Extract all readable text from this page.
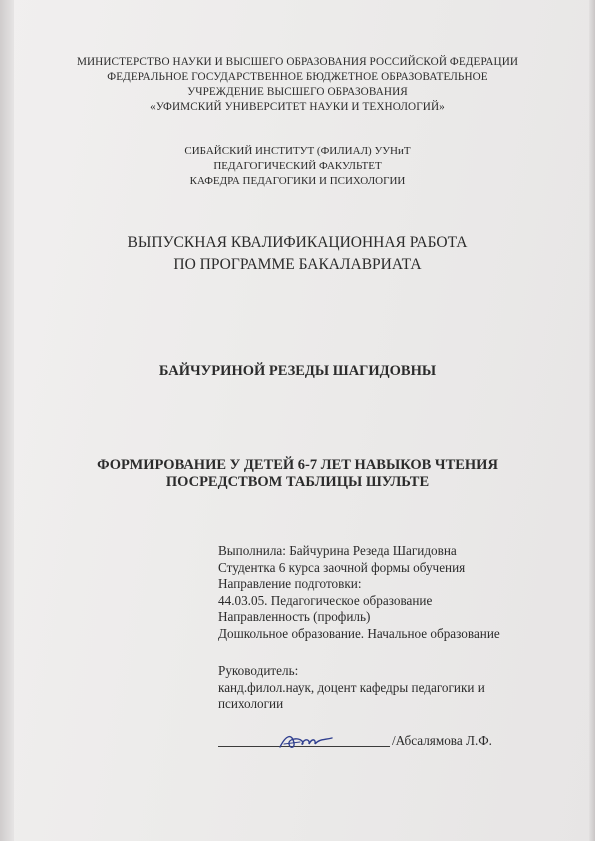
МИНИСТЕРСТВО НАУКИ И ВЫСШЕГО ОБРАЗОВАНИЯ РОССИЙСКОЙ ФЕДЕРАЦИИ
ФЕДЕРАЛЬНОЕ ГОСУДАРСТВЕННОЕ БЮДЖЕТНОЕ ОБРАЗОВАТЕЛЬНОЕ
УЧРЕЖДЕНИЕ ВЫСШЕГО ОБРАЗОВАНИЯ
«УФИМСКИЙ УНИВЕРСИТЕТ НАУКИ И ТЕХНОЛОГИЙ»
СИБАЙСКИЙ ИНСТИТУТ (ФИЛИАЛ) УУНиТ
ПЕДАГОГИЧЕСКИЙ ФАКУЛЬТЕТ
КАФЕДРА ПЕДАГОГИКИ И ПСИХОЛОГИИ
ВЫПУСКНАЯ КВАЛИФИКАЦИОННАЯ РАБОТА
ПО ПРОГРАММЕ БАКАЛАВРИАТА
БАЙЧУРИНОЙ РЕЗЕДЫ ШАГИДОВНЫ
ФОРМИРОВАНИЕ У ДЕТЕЙ 6-7 ЛЕТ НАВЫКОВ ЧТЕНИЯ
ПОСРЕДСТВОМ ТАБЛИЦЫ ШУЛЬТЕ
Выполнила: Байчурина Резеда Шагидовна
Студентка 6 курса заочной формы обучения
Направление подготовки:
44.03.05. Педагогическое образование
Направленность (профиль)
Дошкольное образование. Начальное образование
Руководитель:
канд.филол.наук, доцент кафедры педагогики и
психологии
/Абсалямова Л.Ф.
